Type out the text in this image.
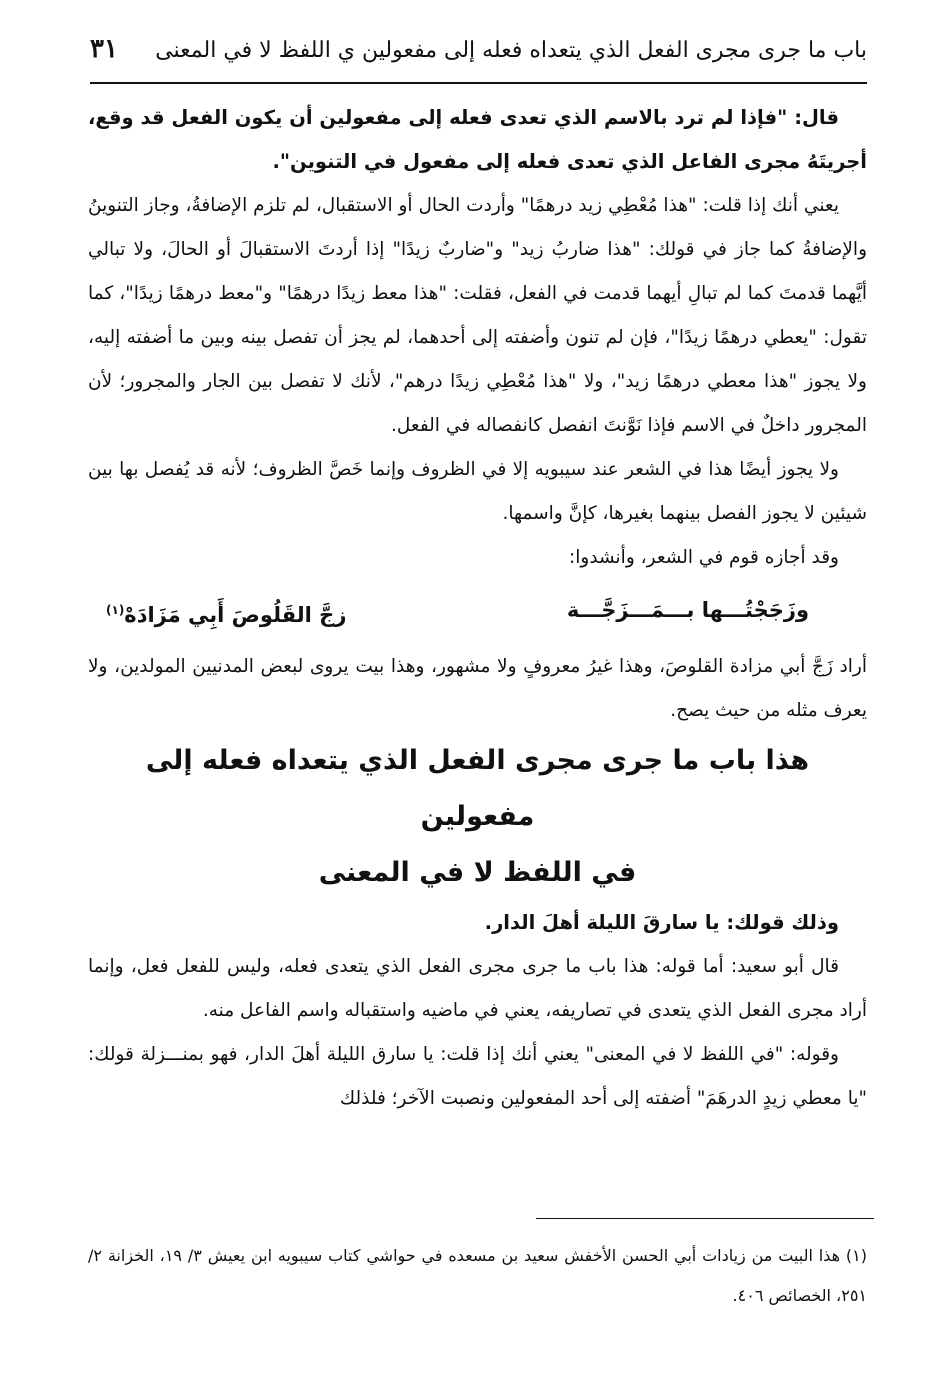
باب ما جرى مجرى الفعل الذي يتعداه فعله إلى مفعولين ي اللفظ لا في المعنى
٣١

قال: "فإذا لم ترد بالاسم الذي تعدى فعله إلى مفعولين أن يكون الفعل قد وقع، أجريتَهُ مجرى الفاعل الذي تعدى فعله إلى مفعول في التنوين".

يعني أنك إذا قلت: "هذا مُعْطِي زيد درهمًا" وأردت الحال أو الاستقبال، لم تلزم الإضافةُ، وجاز التنوينُ والإضافةُ كما جاز في قولك: "هذا ضاربُ زيد" و"ضاربٌ زيدًا" إذا أردتَ الاستقبالَ أو الحالَ، ولا تبالي أيَّهما قدمتَ كما لم تبالِ أيهما قدمت في الفعل، فقلت: "هذا معط زيدًا درهمًا" و"معط درهمًا زيدًا"، كما تقول: "يعطي درهمًا زيدًا"، فإن لم تنون وأضفته إلى أحدهما، لم يجز أن تفصل بينه وبين ما أضفته إليه، ولا يجوز "هذا معطي درهمًا زيد"، ولا "هذا مُعْطِي زيدًا درهم"، لأنك لا تفصل بين الجار والمجرور؛ لأن المجرور داخلٌ في الاسم فإذا نَوَّنتَ انفصل كانفصاله في الفعل.

ولا يجوز أيضًا هذا في الشعر عند سيبويه إلا في الظروف وإنما خَصَّ الظروف؛ لأنه قد يُفصل بها بين شيئين لا يجوز الفصل بينهما بغيرها، كإنَّ واسمها.

وقد أجازه قوم في الشعر، وأنشدوا:

وزَجَجْتُـــها بـــمَـــزَجَّـــة
زجَّ القَلُوصَ أَبِي مَزَادَهْ$^{(١)}$

أراد زَجَّ أبي مزادة القلوصَ، وهذا غيرُ معروفٍ ولا مشهور، وهذا بيت يروى لبعض المدنيين المولدين، ولا يعرف مثله من حيث يصح.

هذا باب ما جرى مجرى الفعل الذي يتعداه فعله إلى مفعولين
في اللفظ لا في المعنى

وذلك قولك: يا سارقَ الليلة أهلَ الدار.

قال أبو سعيد: أما قوله: هذا باب ما جرى مجرى الفعل الذي يتعدى فعله، وليس للفعل فعل، وإنما أراد مجرى الفعل الذي يتعدى في تصاريفه، يعني في ماضيه واستقباله واسم الفاعل منه.

وقوله: "في اللفظ لا في المعنى" يعني أنك إذا قلت: يا سارق الليلة أهلَ الدار، فهو بمنـــزلة قولك: "يا معطي زيدٍ الدرهَمَ" أضفته إلى أحد المفعولين ونصبت الآخر؛ فلذلك

(١) هذا البيت من زيادات أبي الحسن الأخفش سعيد بن مسعده في حواشي كتاب سيبويه ابن يعيش ٣/ ١٩، الخزانة ٢/ ٢٥١، الخصائص ٤٠٦.
